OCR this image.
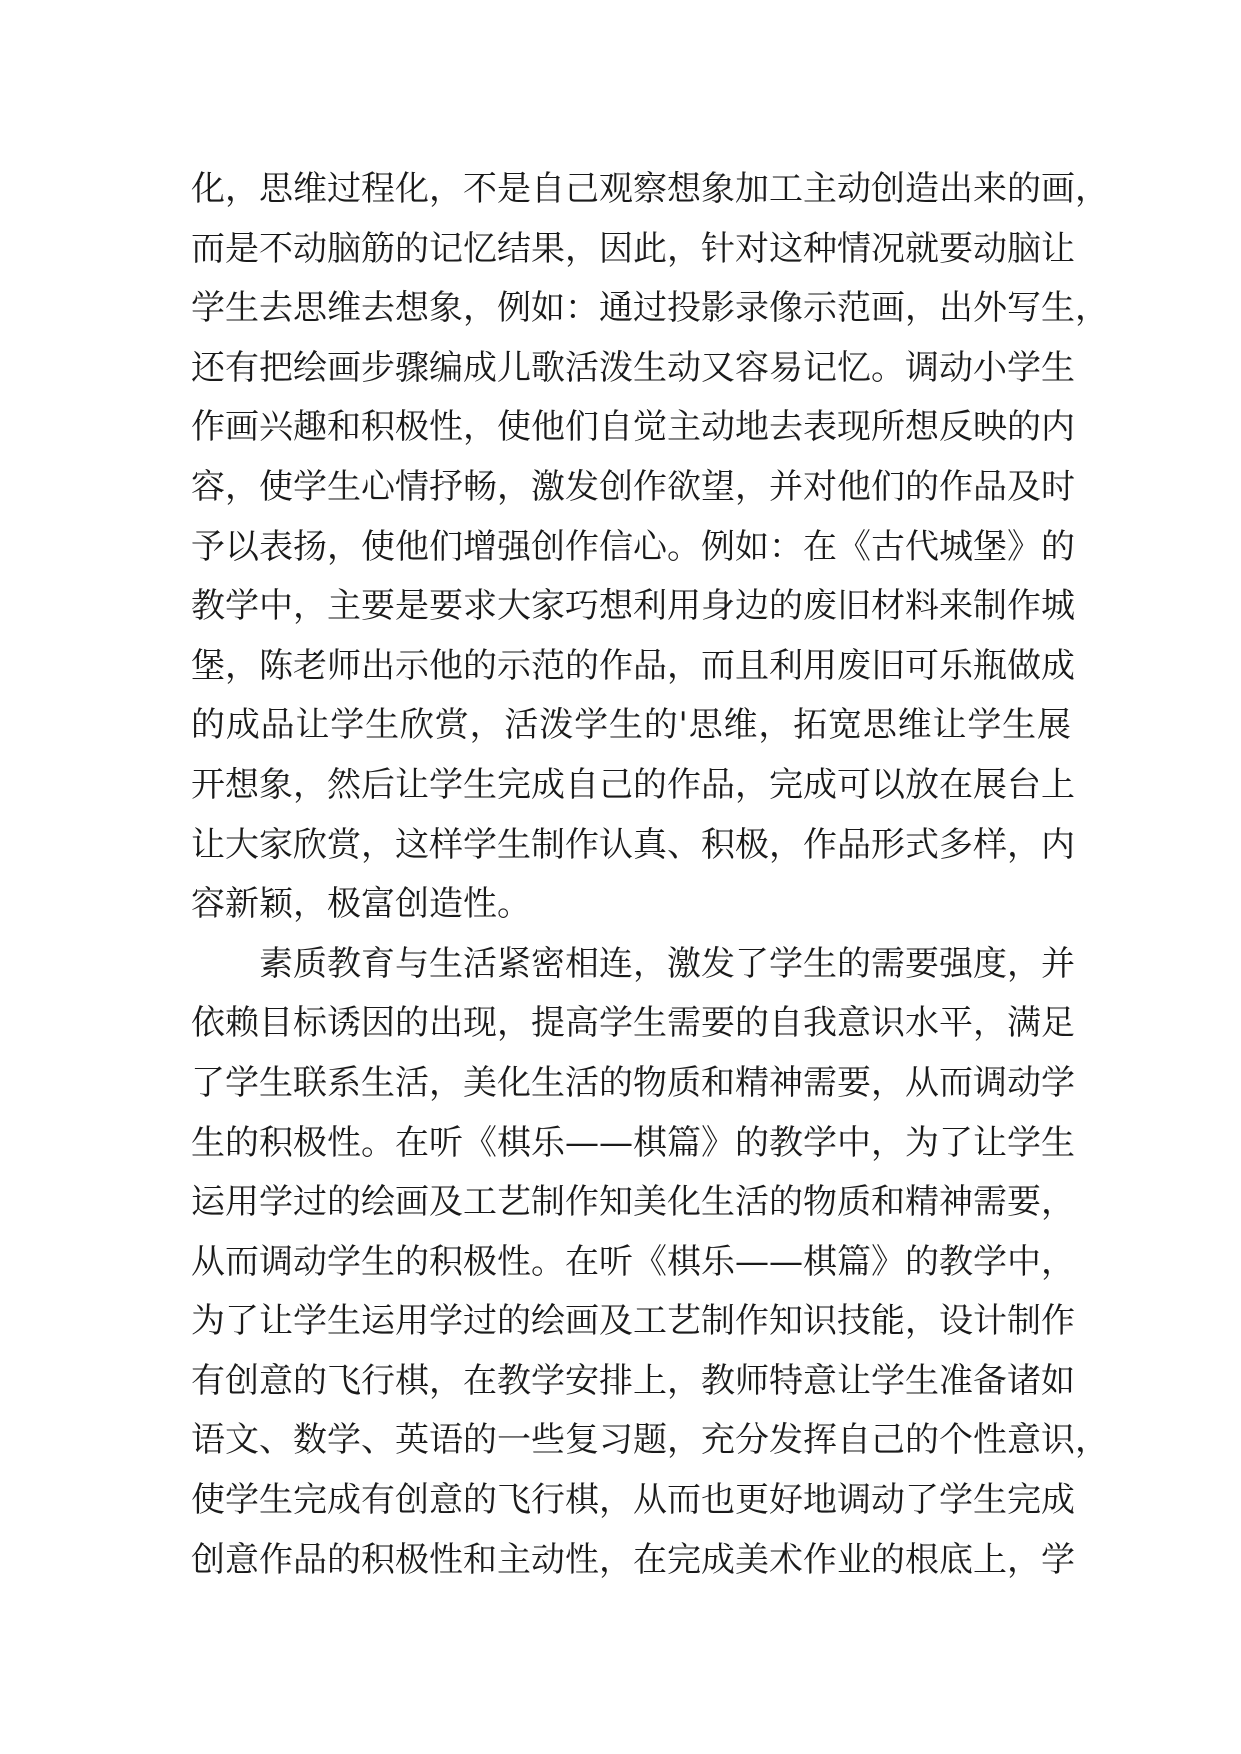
化，思维过程化，不是自己观察想象加工主动创造出来的画，
而是不动脑筋的记忆结果，因此，针对这种情况就要动脑让
学生去思维去想象，例如：通过投影录像示范画，出外写生，
还有把绘画步骤编成儿歌活泼生动又容易记忆。调动小学生
作画兴趣和积极性，使他们自觉主动地去表现所想反映的内
容，使学生心情抒畅，激发创作欲望，并对他们的作品及时
予以表扬，使他们增强创作信心。例如：在《古代城堡》的
教学中，主要是要求大家巧想利用身边的废旧材料来制作城
堡，陈老师出示他的示范的作品，而且利用废旧可乐瓶做成
的成品让学生欣赏，活泼学生的'思维，拓宽思维让学生展
开想象，然后让学生完成自己的作品，完成可以放在展台上
让大家欣赏，这样学生制作认真、积极，作品形式多样，内
容新颖，极富创造性。
素质教育与生活紧密相连，激发了学生的需要强度，并
依赖目标诱因的出现，提高学生需要的自我意识水平，满足
了学生联系生活，美化生活的物质和精神需要，从而调动学
生的积极性。在听《棋乐——棋篇》的教学中，为了让学生
运用学过的绘画及工艺制作知美化生活的物质和精神需要，
从而调动学生的积极性。在听《棋乐——棋篇》的教学中，
为了让学生运用学过的绘画及工艺制作知识技能，设计制作
有创意的飞行棋，在教学安排上，教师特意让学生准备诸如
语文、数学、英语的一些复习题，充分发挥自己的个性意识，
使学生完成有创意的飞行棋，从而也更好地调动了学生完成
创意作品的积极性和主动性，在完成美术作业的根底上，学
